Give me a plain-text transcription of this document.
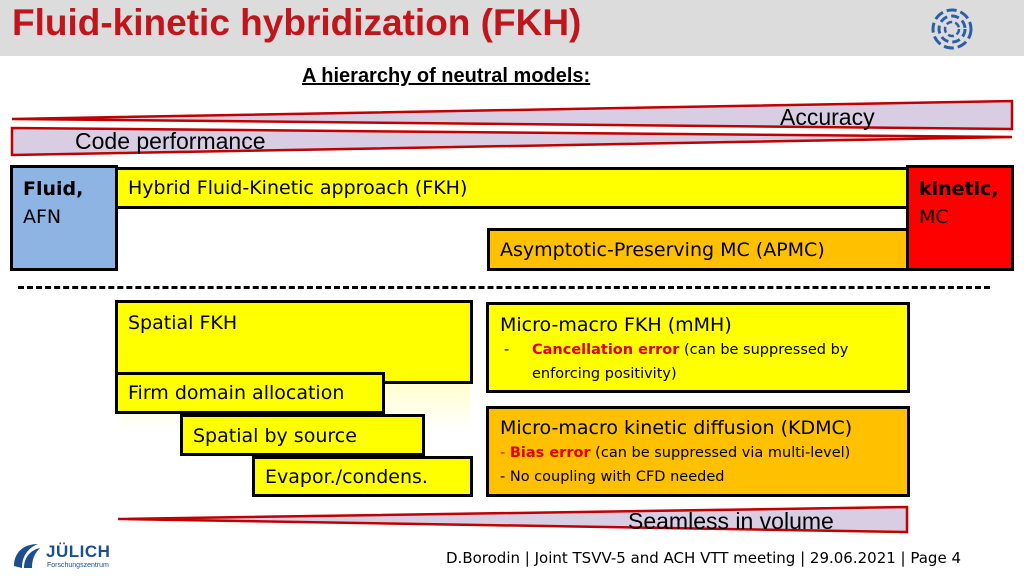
Fluid-kinetic hybridization (FKH)
A hierarchy of neutral models:
Accuracy
Code performance
Fluid,
AFN
Hybrid Fluid-Kinetic approach (FKH)
Asymptotic-Preserving MC (APMC)
kinetic,
MC
Spatial FKH
Firm domain allocation
Spatial by source
Evapor./condens.
Micro-macro FKH (mMH)
-	Cancellation error (can be suppressed by
enforcing positivity)
Micro-macro kinetic diffusion (KDMC)
- Bias error (can be suppressed via multi-level)
- No coupling with CFD needed
Seamless in volume
JÜLICH
Forschungszentrum	D.Borodin | Joint TSVV-5 and ACH VTT meeting | 29.06.2021 | Page 4
